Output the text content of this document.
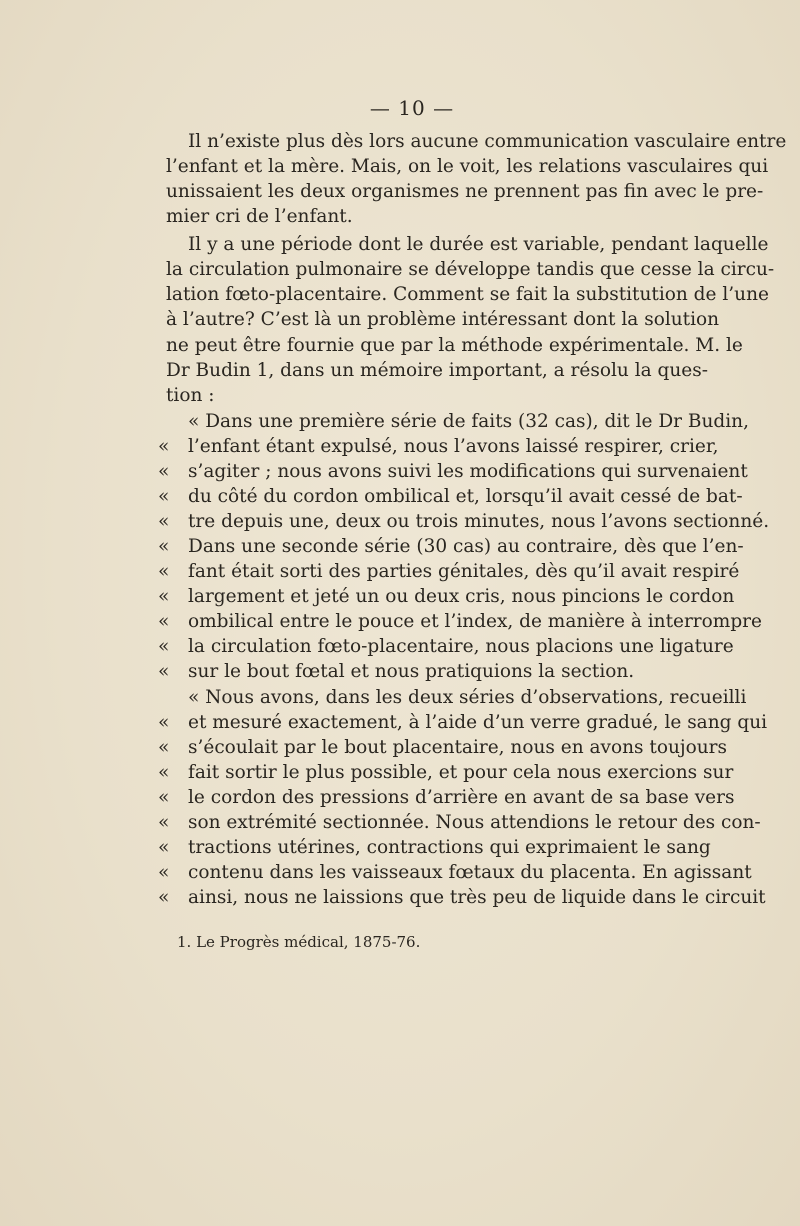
— 10 —
Il n’existe plus dès lors aucune communication vasculaire entre
l’enfant et la mère. Mais, on le voit, les relations vasculaires qui
unissaient les deux organismes ne prennent pas fin avec le pre-
mier cri de l’enfant.
Il y a une période dont le durée est variable, pendant laquelle
la circulation pulmonaire se développe tandis que cesse la circu-
lation fœto-placentaire. Comment se fait la substitution de l’une
à l’autre? C’est là un problème intéressant dont la solution
ne peut être fournie que par la méthode expérimentale. M. le
Dr Budin 1, dans un mémoire important, a résolu la ques-
tion :
« Dans une première série de faits (32 cas), dit le Dr Budin,
«	l’enfant étant expulsé, nous l’avons laissé respirer, crier,
«	s’agiter ; nous avons suivi les modifications qui survenaient
«	du côté du cordon ombilical et, lorsqu’il avait cessé de bat-
«	tre depuis une, deux ou trois minutes, nous l’avons sectionné.
«	Dans une seconde série (30 cas) au contraire, dès que l’en-
«	fant était sorti des parties génitales, dès qu’il avait respiré
«	largement et jeté un ou deux cris, nous pincions le cordon
«	ombilical entre le pouce et l’index, de manière à interrompre
«	la circulation fœto-placentaire, nous placions une ligature
«	sur le bout fœtal et nous pratiquions la section.
« Nous avons, dans les deux séries d’observations, recueilli
«	et mesuré exactement, à l’aide d’un verre gradué, le sang qui
«	s’écoulait par le bout placentaire, nous en avons toujours
«	fait sortir le plus possible, et pour cela nous exercions sur
«	le cordon des pressions d’arrière en avant de sa base vers
«	son extrémité sectionnée. Nous attendions le retour des con-
«	tractions utérines, contractions qui exprimaient le sang
«	contenu dans les vaisseaux fœtaux du placenta. En agissant
«	ainsi, nous ne laissions que très peu de liquide dans le circuit
1. Le Progrès médical, 1875-76.
